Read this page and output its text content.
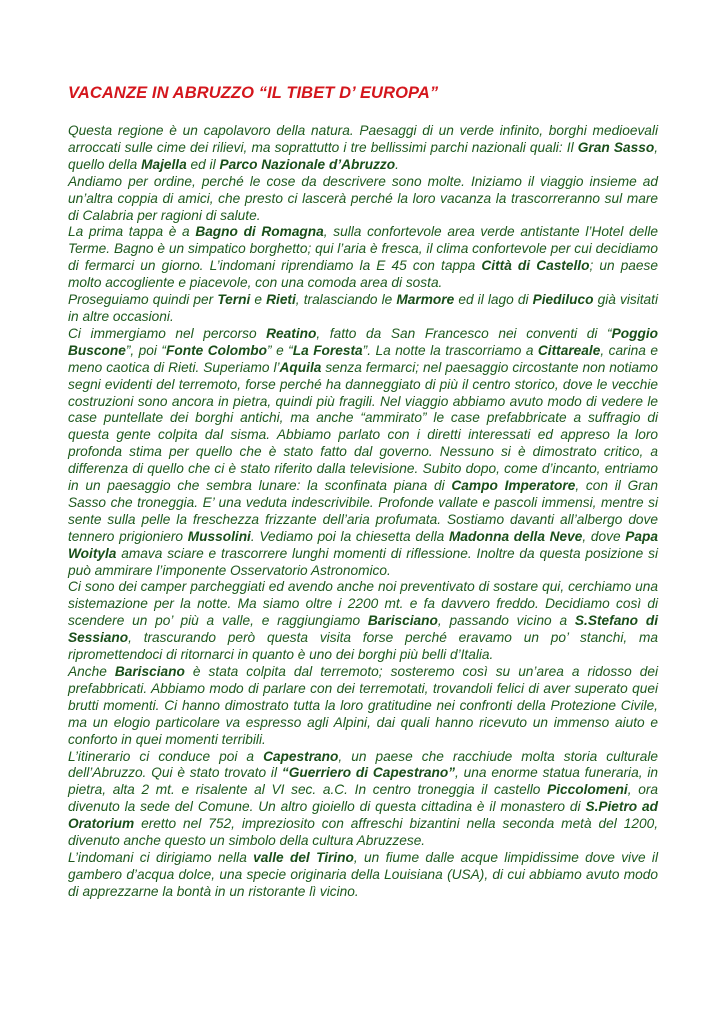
VACANZE IN ABRUZZO “IL TIBET D’ EUROPA”

Questa regione è un capolavoro della natura. Paesaggi di un verde infinito, borghi medioevali arroccati sulle cime dei rilievi, ma soprattutto i tre bellissimi parchi nazionali quali: Il Gran Sasso, quello della Majella ed il Parco Nazionale d’Abruzzo.

Andiamo per ordine, perché le cose da descrivere sono molte. Iniziamo il viaggio insieme ad un’altra coppia di amici, che presto ci lascerà perché la loro vacanza la trascorreranno sul mare di Calabria per ragioni di salute.

La prima tappa è a Bagno di Romagna, sulla confortevole area verde antistante l’Hotel delle Terme. Bagno è un simpatico borghetto; qui l’aria è fresca, il clima confortevole per cui decidiamo di fermarci un giorno. L’indomani riprendiamo la E 45 con tappa Città di Castello; un paese molto accogliente e piacevole, con una comoda area di sosta.

Proseguiamo quindi per Terni e Rieti, tralasciando le Marmore ed il lago di Piediluco già visitati in altre occasioni.

Ci immergiamo nel percorso Reatino, fatto da San Francesco nei conventi di “Poggio Buscone”, poi “Fonte Colombo” e “La Foresta”. La notte la trascorriamo a Cittareale, carina e meno caotica di Rieti. Superiamo l’Aquila senza fermarci; nel paesaggio circostante non notiamo segni evidenti del terremoto, forse perché ha danneggiato di più il centro storico, dove le vecchie costruzioni sono ancora in pietra, quindi più fragili. Nel viaggio abbiamo avuto modo di vedere le case puntellate dei borghi antichi, ma anche “ammirato” le case prefabbricate a suffragio di questa gente colpita dal sisma. Abbiamo parlato con i diretti interessati ed appreso la loro profonda stima per quello che è stato fatto dal governo. Nessuno si è dimostrato critico, a differenza di quello che ci è stato riferito dalla televisione. Subito dopo, come d’incanto, entriamo in un paesaggio che sembra lunare: la sconfinata piana di Campo Imperatore, con il Gran Sasso che troneggia. E’ una veduta indescrivibile. Profonde vallate e pascoli immensi, mentre si sente sulla pelle la freschezza frizzante dell’aria profumata. Sostiamo davanti all’albergo dove tennero prigioniero Mussolini. Vediamo poi la chiesetta della Madonna della Neve, dove Papa Woityla amava sciare e trascorrere lunghi momenti di riflessione. Inoltre da questa posizione si può ammirare l’imponente Osservatorio Astronomico.

Ci sono dei camper parcheggiati ed avendo anche noi preventivato di sostare qui, cerchiamo una sistemazione per la notte. Ma siamo oltre i 2200 mt. e fa davvero freddo. Decidiamo così di scendere un po’ più a valle, e raggiungiamo Barisciano, passando vicino a S.Stefano di Sessiano, trascurando però questa visita forse perché eravamo un po’ stanchi, ma ripromettendoci di ritornarci in quanto è uno dei borghi più belli d’Italia.

Anche Barisciano è stata colpita dal terremoto; sosteremo così su un’area a ridosso dei prefabbricati. Abbiamo modo di parlare con dei terremotati, trovandoli felici di aver superato quei brutti momenti. Ci hanno dimostrato tutta la loro gratitudine nei confronti della Protezione Civile, ma un elogio particolare va espresso agli Alpini, dai quali hanno ricevuto un immenso aiuto e conforto in quei momenti terribili.

L’itinerario ci conduce poi a Capestrano, un paese che racchiude molta storia culturale dell’Abruzzo. Qui è stato trovato il “Guerriero di Capestrano”, una enorme statua funeraria, in pietra, alta 2 mt. e risalente al VI sec. a.C. In centro troneggia il castello Piccolomeni, ora divenuto la sede del Comune. Un altro gioiello di questa cittadina è il monastero di S.Pietro ad Oratorium eretto nel 752, impreziosito con affreschi bizantini nella seconda metà del 1200, divenuto anche questo un simbolo della cultura Abruzzese.

L’indomani ci dirigiamo nella valle del Tirino, un fiume dalle acque limpidissime dove vive il gambero d’acqua dolce, una specie originaria della Louisiana (USA), di cui abbiamo avuto modo di apprezzarne la bontà in un ristorante lì vicino.
